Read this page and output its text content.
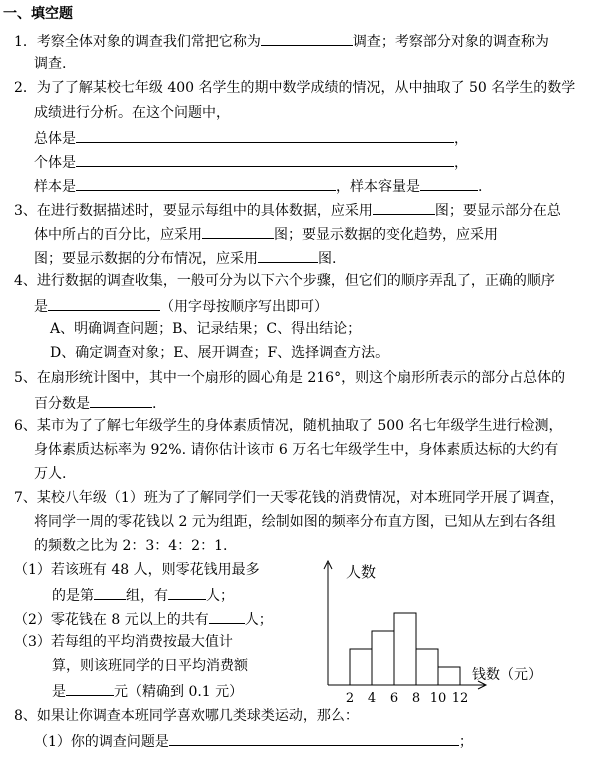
一、填空题
1．考察全体对象的调查我们常把它称为	调查；考察部分对象的调查称为
调查.
2．为了了解某校七年级 400 名学生的期中数学成绩的情况，从中抽取了 50 名学生的数学
成绩进行分析。在这个问题中，
总体是	，
个体是	，
样本是	，样本容量是	.
3、在进行数据描述时，要显示每组中的具体数据，应采用	图；要显示部分在总
体中所占的百分比，应采用	图；要显示数据的变化趋势，应采用
图；要显示数据的分布情况，应采用	图.
4、进行数据的调查收集，一般可分为以下六个步骤，但它们的顺序弄乱了，正确的顺序
是	（用字母按顺序写出即可）
A、明确调查问题；B、记录结果；C、得出结论；
D、确定调查对象；E、展开调查；F、选择调查方法。
5、在扇形统计图中，其中一个扇形的圆心角是 216°，则这个扇形所表示的部分占总体的
百分数是	.
6、某市为了了解七年级学生的身体素质情况，随机抽取了 500 名七年级学生进行检测，
身体素质达标率为 92%. 请你估计该市 6 万名七年级学生中，身体素质达标的大约有
万人.
7、某校八年级（1）班为了了解同学们一天零花钱的消费情况，对本班同学开展了调查，
将同学一周的零花钱以 2 元为组距，绘制如图的频率分布直方图，已知从左到右各组
的频数之比为 2：3：4：2：1.
（1）若该班有 48 人，则零花钱用最多
的是第 组，有	人；
（2）零花钱在 8 元以上的共有	人；
（3）若每组的平均消费按最大值计
算，则该班同学的日平均消费额
是	元（精确到 0.1 元）
人数
钱数（元）
2 4 6 8 10 12
8、如果让你调查本班同学喜欢哪几类球类运动，那么：
（1）你的调查问题是	；
